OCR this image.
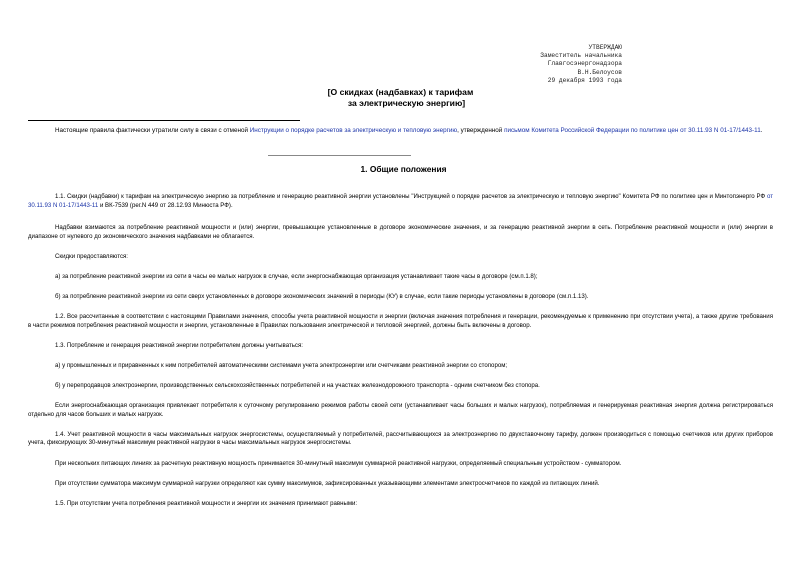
УТВЕРЖДАЮ
Заместитель начальника
Главгосэнергонадзора
В.Н.Белоусов
29 декабря 1993 года
[О скидках (надбавках) к тарифам
за электрическую энергию]
Настоящие правила фактически утратили силу в связи с отменой Инструкции о порядке расчетов за электрическую и тепловую энергию, утвержденной письмом Комитета Российской Федерации по политике цен от 30.11.93 N 01-17/1443-11.
1. Общие положения

1.1. Скидки (надбавки) к тарифам на электрическую энергию за потребление и генерацию реактивной энергии установлены "Инструкцией о порядке расчетов за электрическую и тепловую энергию" Комитета РФ по политике цен и Минтопэнерго РФ от 30.11.93 N 01-17/1443-11 и ВК-7539 (рег.N 449 от 28.12.93 Минюста РФ).

Надбавки взимаются за потребление реактивной мощности и (или) энергии, превышающие установленные в договоре экономические значения, и за генерацию реактивной энергии в сеть. Потребление реактивной мощности и (или) энергии в диапазоне от нулевого до экономического значения надбавками не облагается.

Скидки предоставляются:

а) за потребление реактивной энергии из сети в часы ее малых нагрузок в случае, если энергоснабжающая организация устанавливает такие часы в договоре (см.п.1.8);

б) за потребление реактивной энергии из сети сверх установленных в договоре экономических значений в периоды (КУ) в случае, если такие периоды установлены в договоре (см.п.1.13).

1.2. Все рассчитанные в соответствии с настоящими Правилами значения, способы учета реактивной мощности и энергии (включая значения потребления и генерации, рекомендуемые к применению при отсутствии учета), а также другие требования в части режимов потребления реактивной мощности и энергии, установленные в Правилах пользования электрической и тепловой энергией, должны быть включены в договор.

1.3. Потребление и генерация реактивной энергии потребителем должны учитываться:

а) у промышленных и приравненных к ним потребителей автоматическими системами учета электроэнергии или счетчиками реактивной энергии со стопором;

б) у перепродавцов электроэнергии, производственных сельскохозяйственных потребителей и на участках железнодорожного транспорта - одним счетчиком без стопора.

Если энергоснабжающая организация привлекает потребителя к суточному регулированию режимов работы своей сети (устанавливает часы больших и малых нагрузок), потребляемая и генерируемая реактивная энергия должна регистрироваться отдельно для часов больших и малых нагрузок.

1.4. Учет реактивной мощности в часы максимальных нагрузок энергосистемы, осуществляемый у потребителей, рассчитывающихся за электроэнергию по двухставочному тарифу, должен производиться с помощью счетчиков или других приборов учета, фиксирующих 30-минутный максимум реактивной нагрузки в часы максимальных нагрузок энергосистемы.

При нескольких питающих линиях за расчетную реактивную мощность принимается 30-минутный максимум суммарной реактивной нагрузки, определяемый специальным устройством - сумматором.

При отсутствии сумматора максимум суммарной нагрузки определяют как сумму максимумов, зафиксированных указывающими элементами электросчетчиков по каждой из питающих линий.

1.5. При отсутствии учета потребления реактивной мощности и энергии их значения принимают равными:
